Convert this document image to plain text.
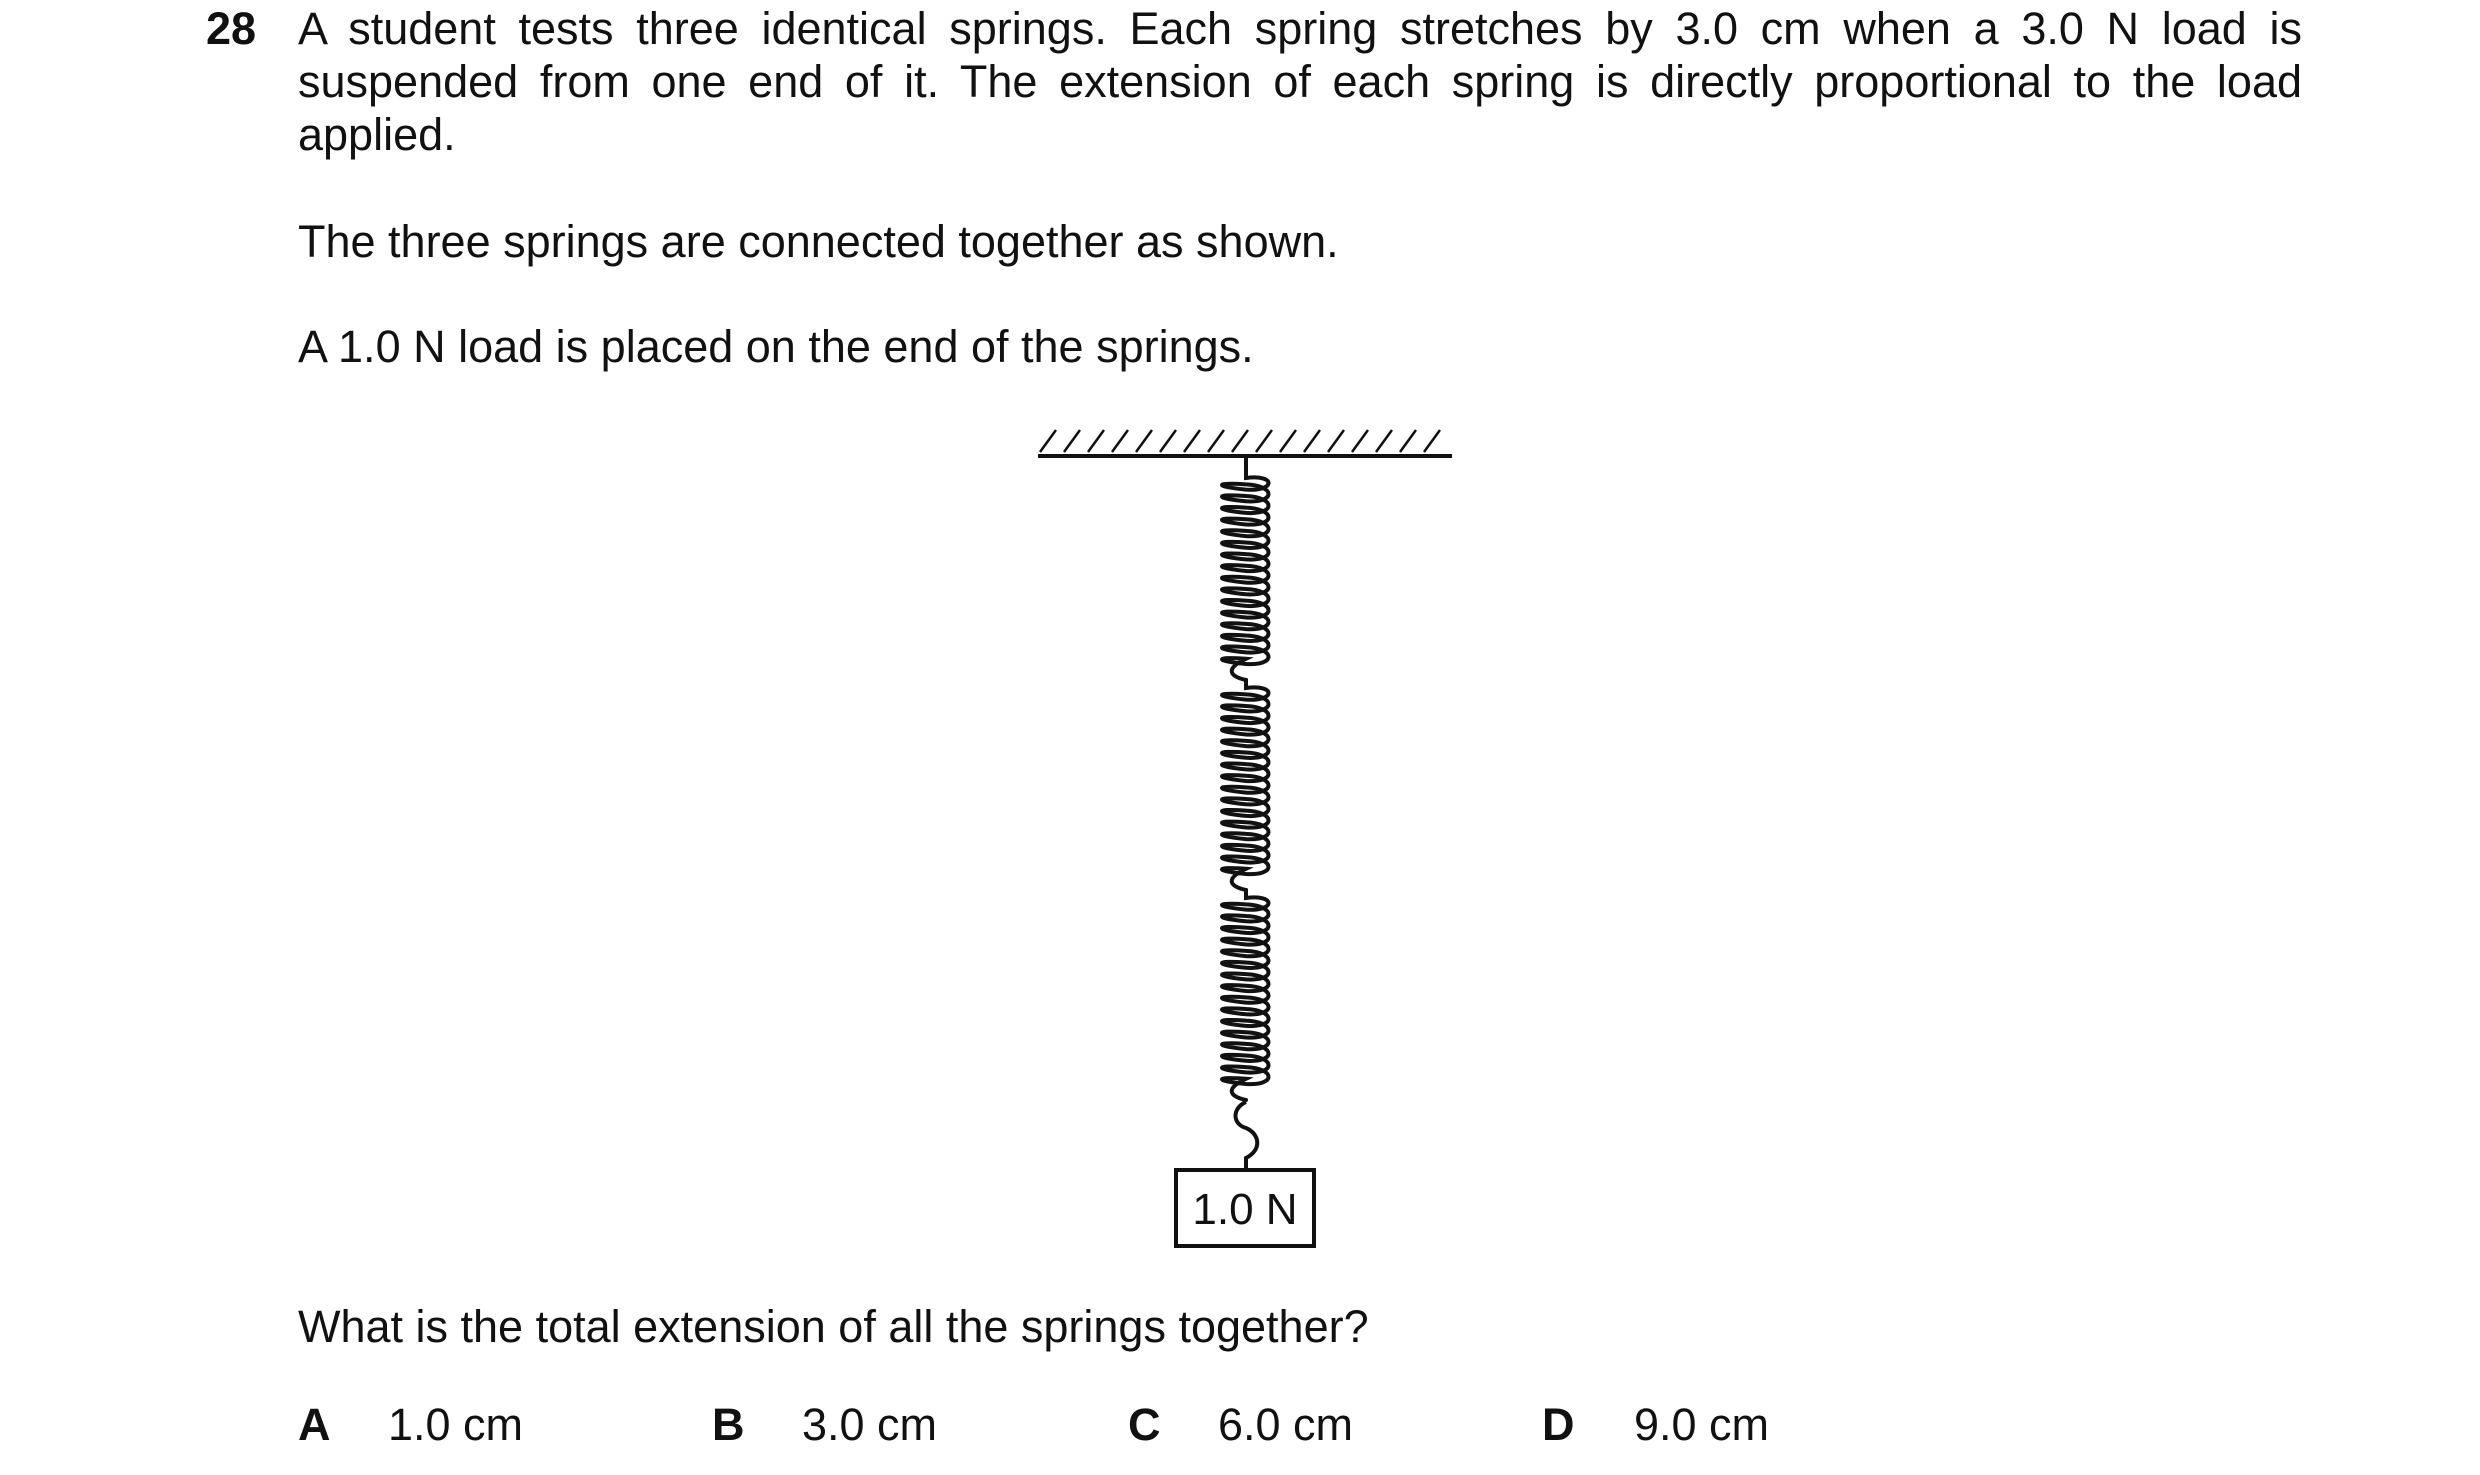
28 A student tests three identical springs. Each spring stretches by 3.0 cm when a 3.0 N load is suspended from one end of it. The extension of each spring is directly proportional to the load applied.
The three springs are connected together as shown.
A 1.0 N load is placed on the end of the springs.
1.0 N
What is the total extension of all the springs together?
A 1.0 cm	B 3.0 cm	C 6.0 cm	D 9.0 cm
